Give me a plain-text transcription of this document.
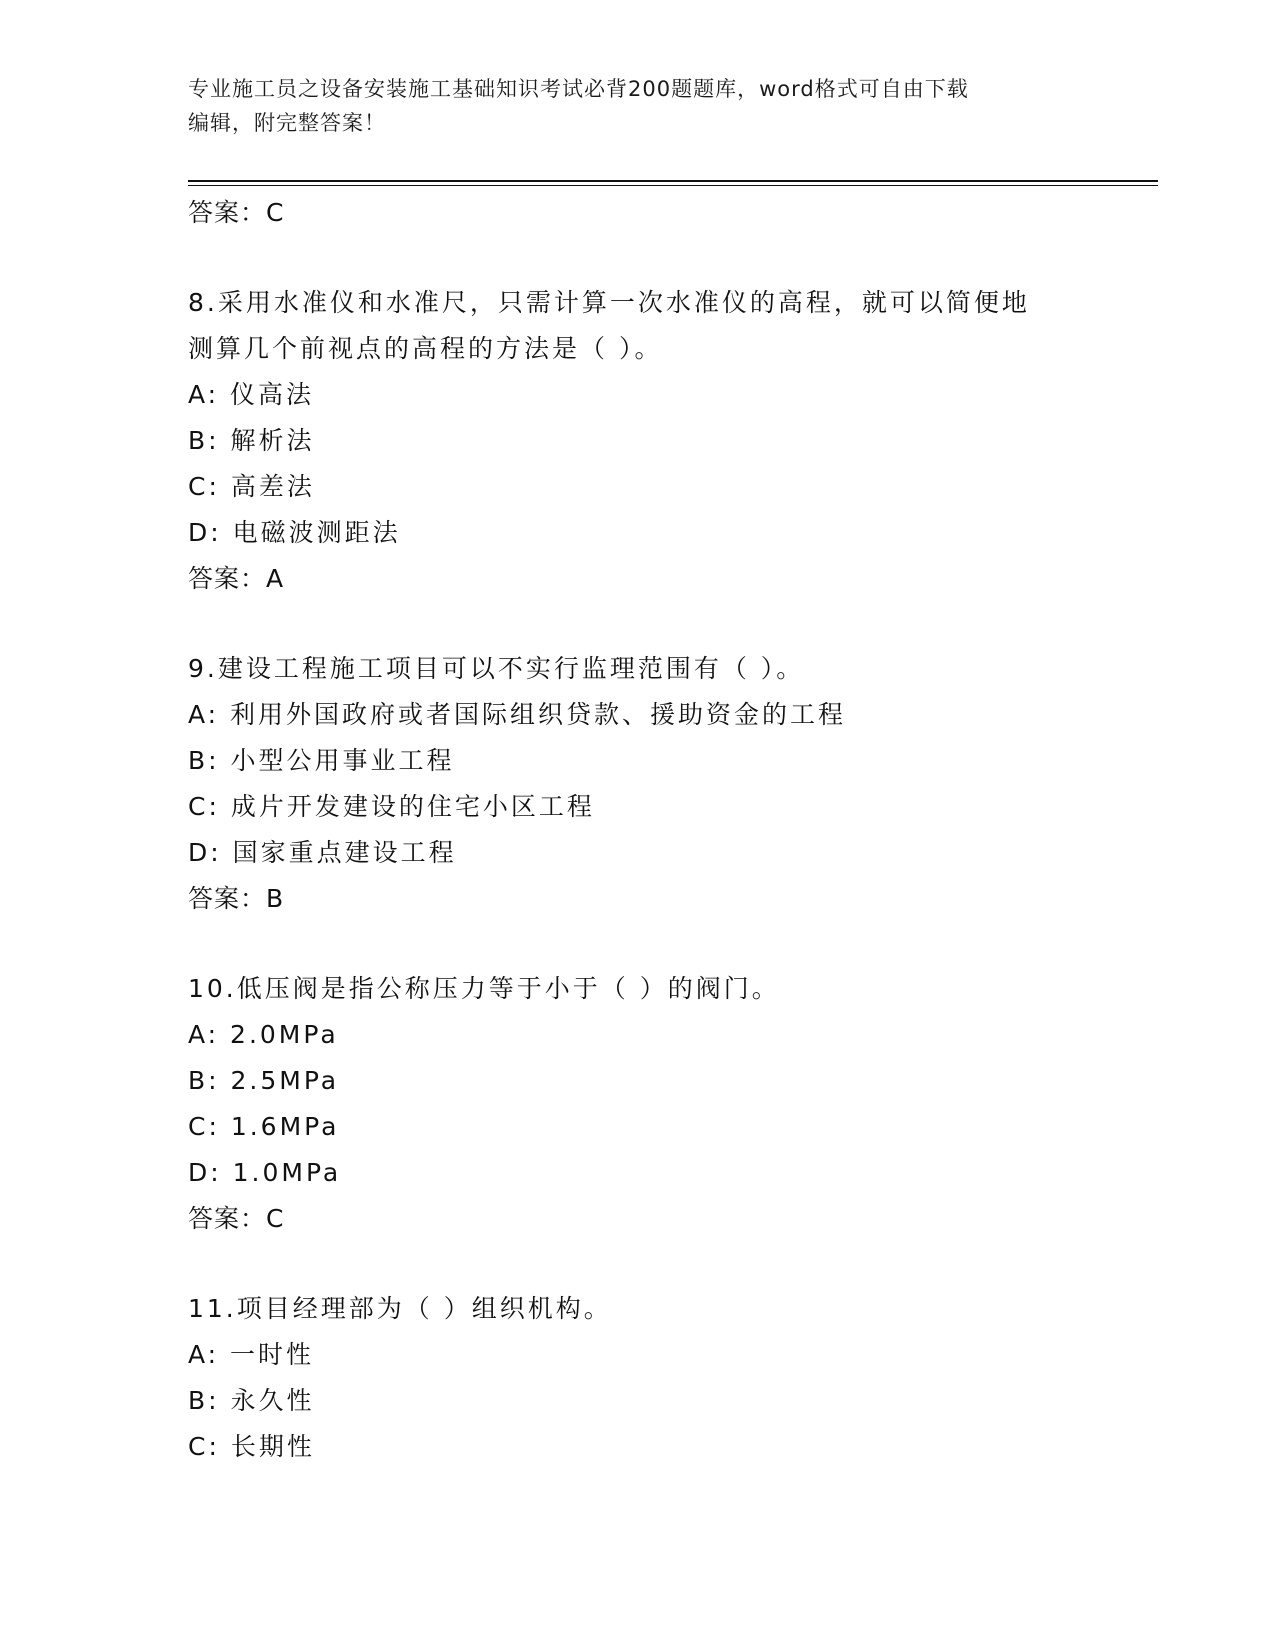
专业施工员之设备安装施工基础知识考试必背200题题库，word格式可自由下载
编辑，附完整答案！
答案：C
8.采用水准仪和水准尺，只需计算一次水准仪的高程，就可以简便地
测算几个前视点的高程的方法是（ ）。
A: 仪高法
B: 解析法
C: 高差法
D: 电磁波测距法
答案：A
9.建设工程施工项目可以不实行监理范围有（ ）。
A: 利用外国政府或者国际组织贷款、援助资金的工程
B: 小型公用事业工程
C: 成片开发建设的住宅小区工程
D: 国家重点建设工程
答案：B
10.低压阀是指公称压力等于小于（ ）的阀门。
A: 2.0MPa
B: 2.5MPa
C: 1.6MPa
D: 1.0MPa
答案：C
11.项目经理部为（ ）组织机构。
A: 一时性
B: 永久性
C: 长期性
